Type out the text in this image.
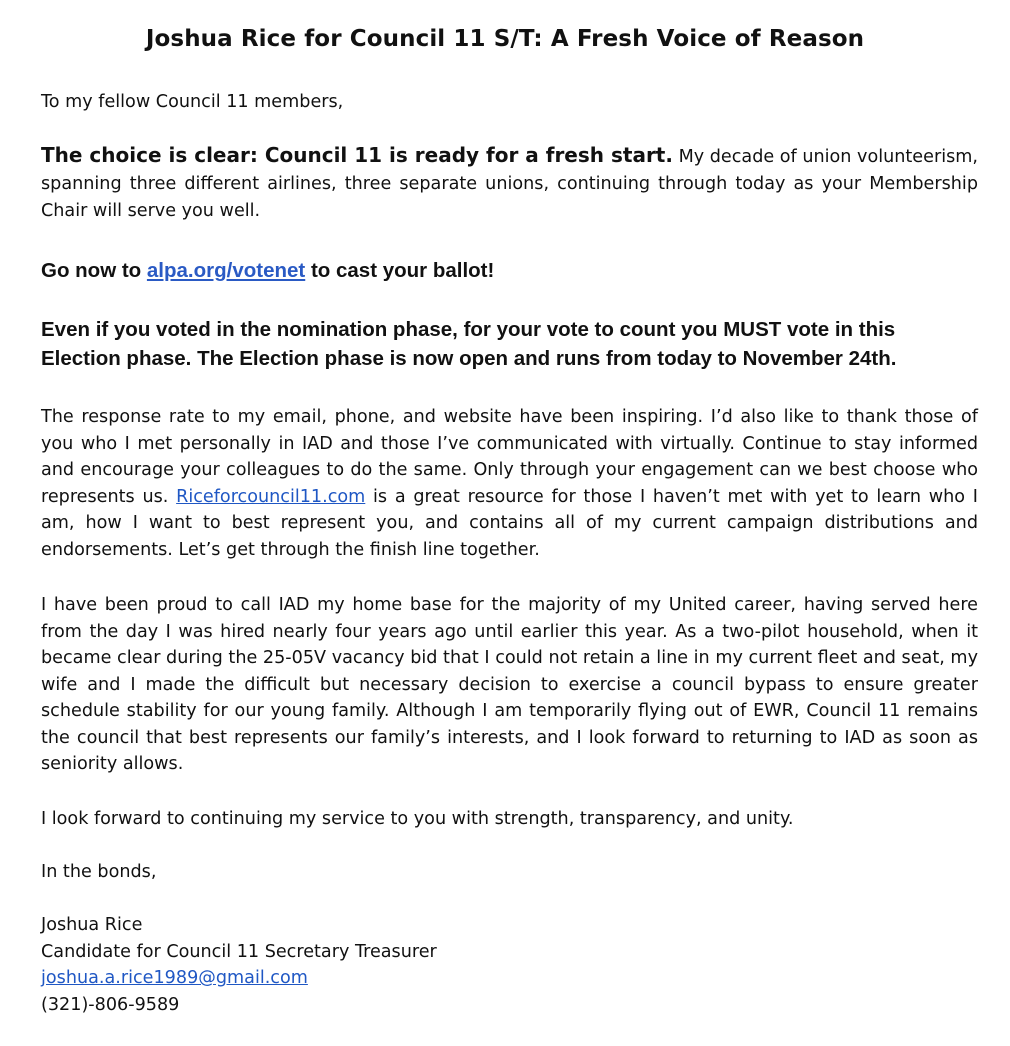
Joshua Rice for Council 11 S/T: A Fresh Voice of Reason

To my fellow Council 11 members,

The choice is clear: Council 11 is ready for a fresh start. My decade of union volunteerism, spanning three different airlines, three separate unions, continuing through today as your Membership Chair will serve you well.

Go now to alpa.org/votenet to cast your ballot!

Even if you voted in the nomination phase, for your vote to count you MUST vote in this Election phase. The Election phase is now open and runs from today to November 24th.

The response rate to my email, phone, and website have been inspiring. I’d also like to thank those of you who I met personally in IAD and those I’ve communicated with virtually. Continue to stay informed and encourage your colleagues to do the same. Only through your engagement can we best choose who represents us. Riceforcouncil11.com is a great resource for those I haven’t met with yet to learn who I am, how I want to best represent you, and contains all of my current campaign distributions and endorsements. Let’s get through the finish line together.

I have been proud to call IAD my home base for the majority of my United career, having served here from the day I was hired nearly four years ago until earlier this year. As a two-pilot household, when it became clear during the 25-05V vacancy bid that I could not retain a line in my current fleet and seat, my wife and I made the difficult but necessary decision to exercise a council bypass to ensure greater schedule stability for our young family. Although I am temporarily flying out of EWR, Council 11 remains the council that best represents our family’s interests, and I look forward to returning to IAD as soon as seniority allows.

I look forward to continuing my service to you with strength, transparency, and unity.

In the bonds,

Joshua Rice
Candidate for Council 11 Secretary Treasurer
joshua.a.rice1989@gmail.com
(321)-806-9589
